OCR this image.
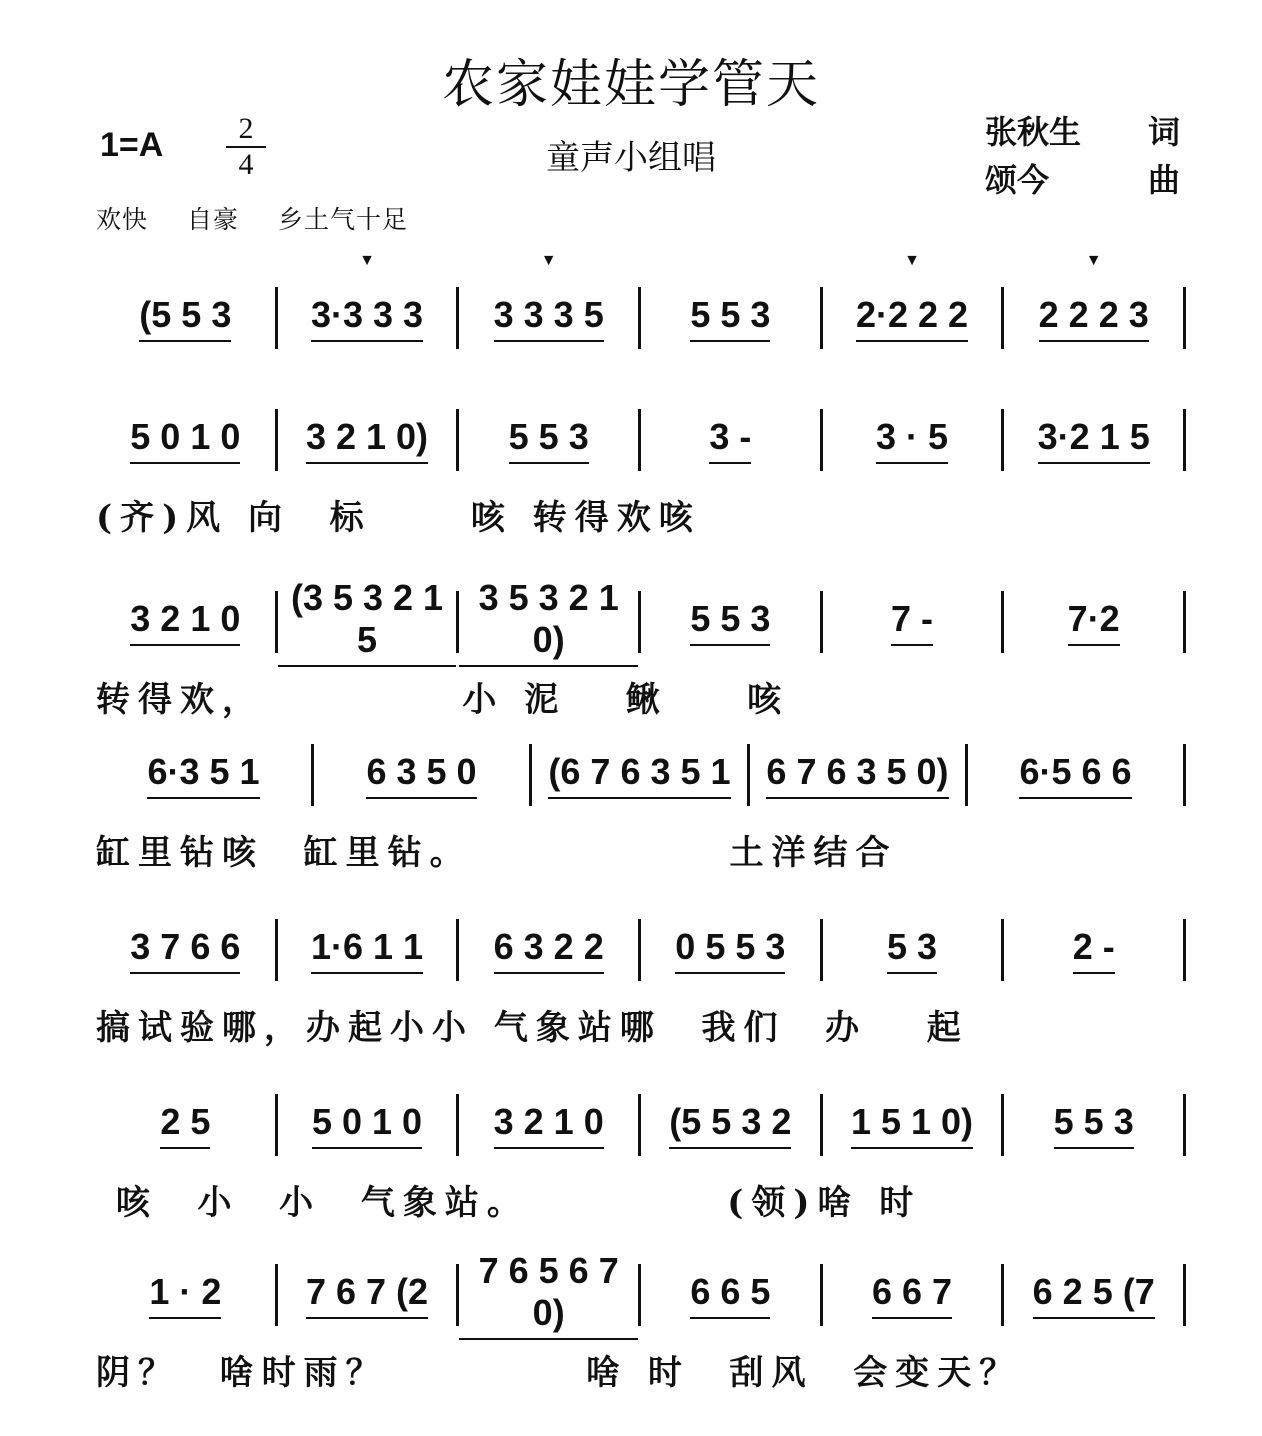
农家娃娃学管天
童声小组唱
1=A	2
4
张秋生 词
颂今	曲
欢快 自豪 乡土气十足
(5 5 3 ▼ 3·3 3 3 ▼ 3 3 3 5 5 5 3 ▼ 2·2 2 2 ▼ 2 2 2 3
5 0 1 0 3 2 1 0) 5 5 3	3 -	3 · 5 3·2 1 5
(齐)风 向  标     咳 转得欢咳
3 2 1 0
(3 5 3 2 1 5
3 5 3 2 1 0)
5 5 3	7 -	7·2
转得欢，          小 泥   鳅    咳
6·3 5 1	6 3 5 0 (6 7 6 3 5 1 6 7 6 3 5 0) 6·5 6 6
缸里钻咳  缸里钻。             土洋结合
3 7 6 6 1·6 1 1 6 3 2 2 0 5 5 3	5 3	2 -
搞试验哪，办起小小 气象站哪  我们  办   起
2 5	5 0 1 0 3 2 1 0 (5 5 3 2 1 5 1 0) 5 5 3
咳  小  小  气象站。          (领)啥 时
1 · 2 7 6 7 (2
7 6 5 6 7 0)
6 6 5	6 6 7 6 2 5 (7
阴？  啥时雨？          啥 时  刮风  会变天？
